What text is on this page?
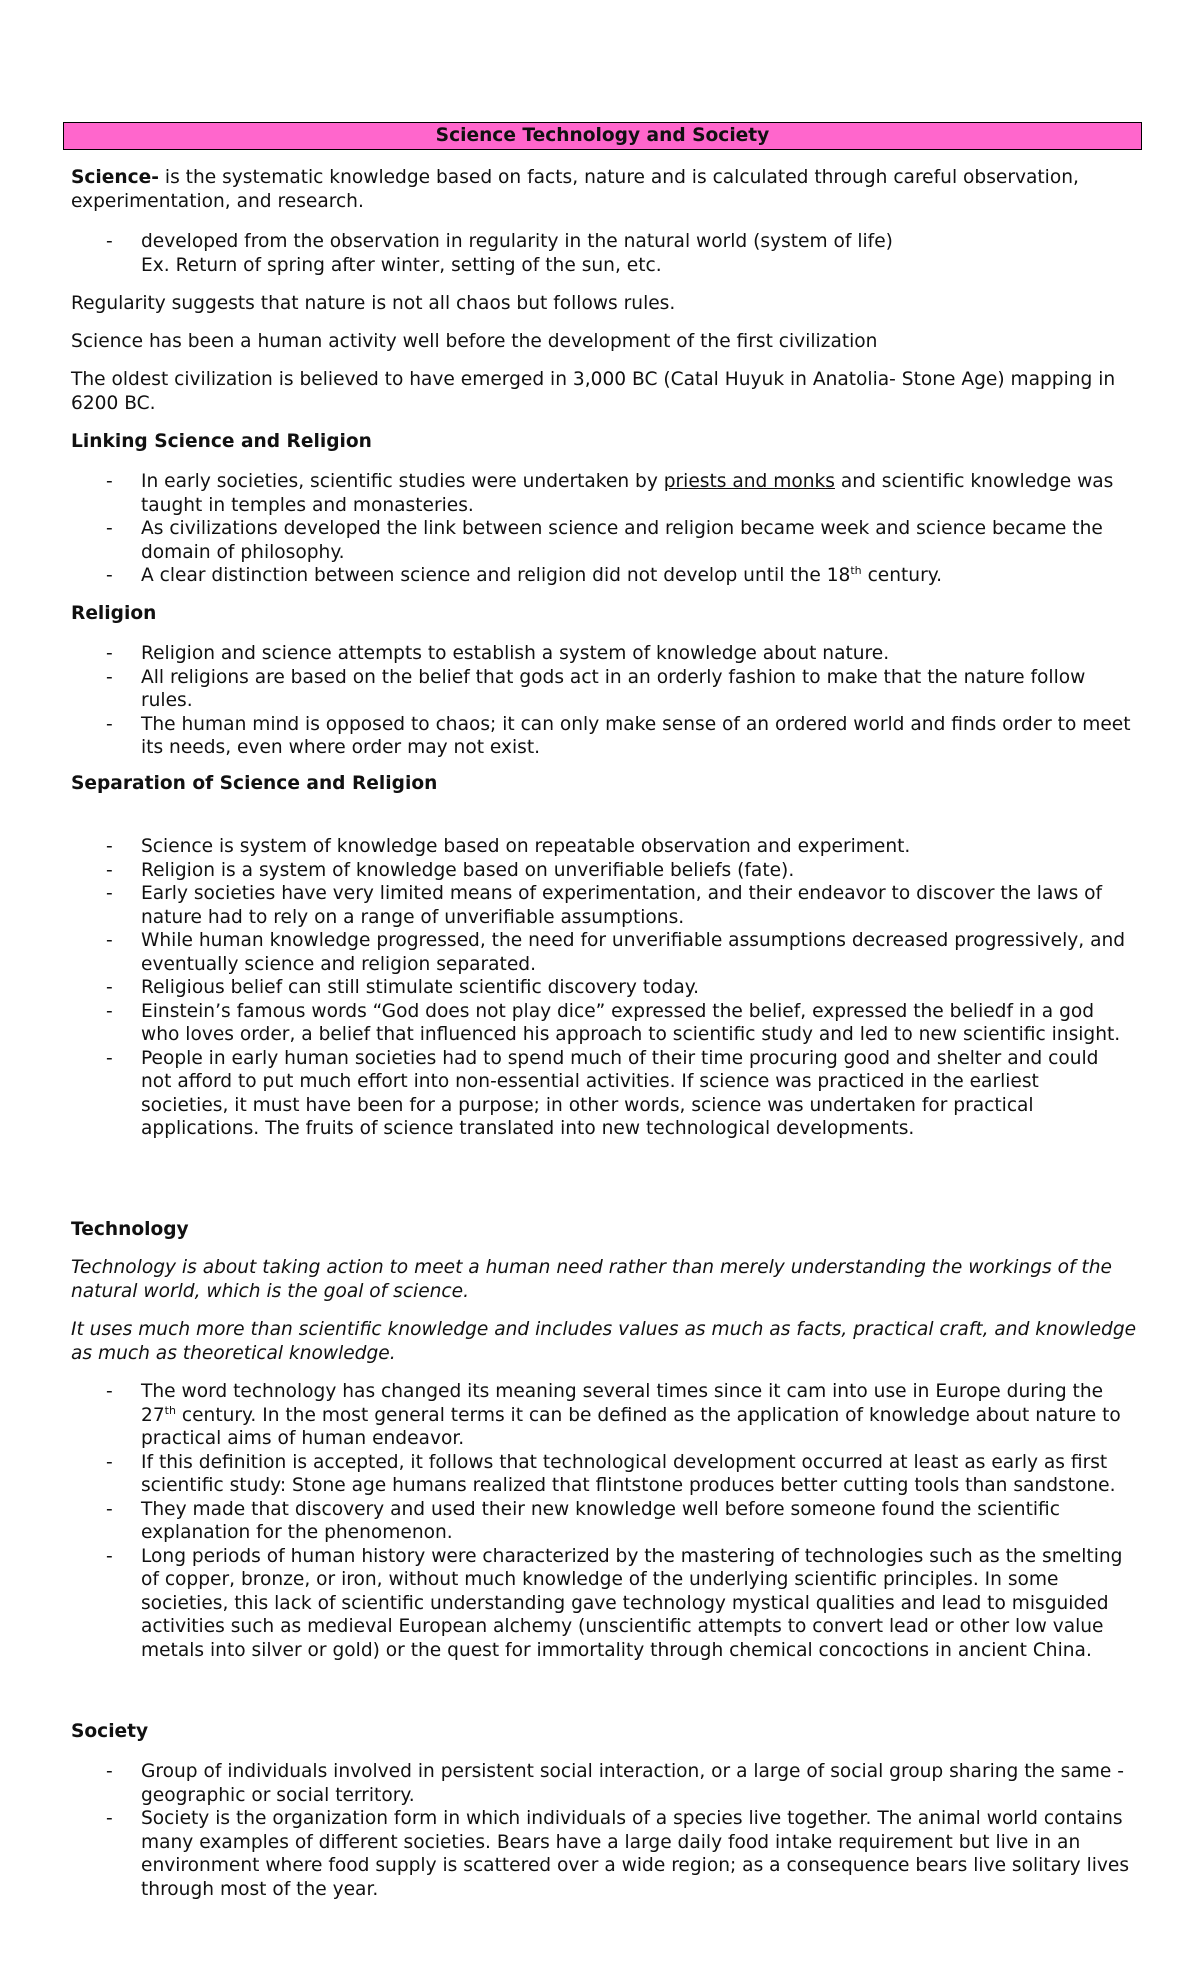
Science Technology and Society

Science- is the systematic knowledge based on facts, nature and is calculated through careful observation, experimentation, and research.

- developed from the observation in regularity in the natural world (system of life)
Ex. Return of spring after winter, setting of the sun, etc.

Regularity suggests that nature is not all chaos but follows rules.

Science has been a human activity well before the development of the first civilization

The oldest civilization is believed to have emerged in 3,000 BC (Catal Huyuk in Anatolia- Stone Age) mapping in 6200 BC.

Linking Science and Religion

- In early societies, scientific studies were undertaken by priests and monks and scientific knowledge was taught in temples and monasteries.
- As civilizations developed the link between science and religion became week and science became the domain of philosophy.
- A clear distinction between science and religion did not develop until the 18th century.

Religion

- Religion and science attempts to establish a system of knowledge about nature.
- All religions are based on the belief that gods act in an orderly fashion to make that the nature follow rules.
- The human mind is opposed to chaos; it can only make sense of an ordered world and finds order to meet its needs, even where order may not exist.

Separation of Science and Religion

- Science is system of knowledge based on repeatable observation and experiment.
- Religion is a system of knowledge based on unverifiable beliefs (fate).
- Early societies have very limited means of experimentation, and their endeavor to discover the laws of nature had to rely on a range of unverifiable assumptions.
- While human knowledge progressed, the need for unverifiable assumptions decreased progressively, and eventually science and religion separated.
- Religious belief can still stimulate scientific discovery today.
- Einstein’s famous words “God does not play dice” expressed the belief, expressed the beliedf in a god who loves order, a belief that influenced his approach to scientific study and led to new scientific insight.
- People in early human societies had to spend much of their time procuring good and shelter and could not afford to put much effort into non-essential activities. If science was practiced in the earliest societies, it must have been for a purpose; in other words, science was undertaken for practical applications. The fruits of science translated into new technological developments.

Technology

Technology is about taking action to meet a human need rather than merely understanding the workings of the natural world, which is the goal of science.

It uses much more than scientific knowledge and includes values as much as facts, practical craft, and knowledge as much as theoretical knowledge.

- The word technology has changed its meaning several times since it cam into use in Europe during the 27th century. In the most general terms it can be defined as the application of knowledge about nature to practical aims of human endeavor.
- If this definition is accepted, it follows that technological development occurred at least as early as first scientific study: Stone age humans realized that flintstone produces better cutting tools than sandstone.
- They made that discovery and used their new knowledge well before someone found the scientific explanation for the phenomenon.
- Long periods of human history were characterized by the mastering of technologies such as the smelting of copper, bronze, or iron, without much knowledge of the underlying scientific principles. In some societies, this lack of scientific understanding gave technology mystical qualities and lead to misguided activities such as medieval European alchemy (unscientific attempts to convert lead or other low value metals into silver or gold) or the quest for immortality through chemical concoctions in ancient China.

Society

- Group of individuals involved in persistent social interaction, or a large of social group sharing the same - geographic or social territory.
- Society is the organization form in which individuals of a species live together. The animal world contains many examples of different societies. Bears have a large daily food intake requirement but live in an environment where food supply is scattered over a wide region; as a consequence bears live solitary lives through most of the year.
